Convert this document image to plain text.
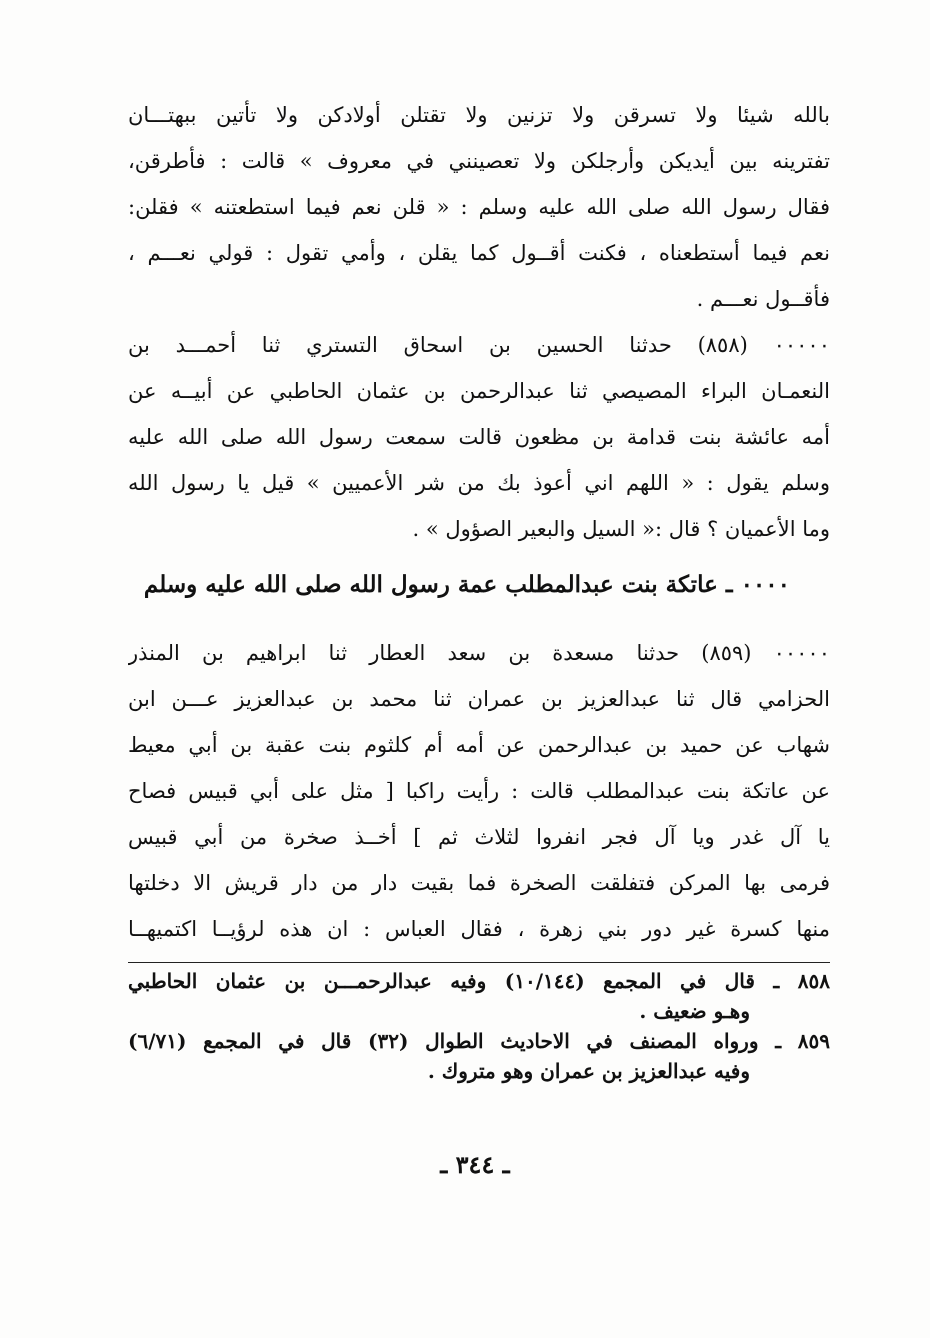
بالله شيئا ولا تسرقن ولا تزنين ولا تقتلن أولادكن ولا تأتين ببهتـــان
تفترينه بين أيديكن وأرجلكن ولا تعصينني في معروف » قالت : فأطرقن،
فقال رسول الله صلى الله عليه وسلم : « قلن نعم فيما استطعتنه » فقلن:
نعم فيما أستطعناه ، فكنت أقــول كما يقلن ، وأمي تقول : قولي نعـــم ،
فأقــول نعـــم .
٠٠٠٠٠ (٨٥٨) حدثنا الحسين بن اسحاق التستري ثنا أحمـــد بن
النعمـان البراء المصيصي ثنا عبدالرحمن بن عثمان الحاطبي عن أبيــه عن
أمه عائشة بنت قدامة بن مظعون قالت سمعت رسول الله صلى الله عليه
وسلم يقول : « اللهم اني أعوذ بك من شر الأعميين » قيل يا رسول الله
وما الأعميان ؟ قال :« السيل والبعير الصؤول » .
٠٠٠٠ ـ عاتكة بنت عبدالمطلب عمة رسول الله صلى الله عليه وسلم
٠٠٠٠٠ (٨٥٩) حدثنا مسعدة بن سعد العطار ثنا ابراهيم بن المنذر
الحزامي قال ثنا عبدالعزيز بن عمران ثنا محمد بن عبدالعزيز عـــن ابن
شهاب عن حميد بن عبدالرحمن عن أمه أم كلثوم بنت عقبة بن أبي معيط
عن عاتكة بنت عبدالمطلب قالت : رأيت راكبا [ مثل على أبي قبيس فصاح
يا آل غدر ويا آل فجر انفروا لثلاث ثم ] أخــذ صخرة من أبي قبيس
فرمى بها المركن فتفلقت الصخرة فما بقيت دار من دار قريش الا دخلتها
منها كسرة غير دور بني زهرة ، فقال العباس : ان هذه لرؤيــا اكتميهــا
٨٥٨ ـ قال في المجمع (١٠/١٤٤) وفيه عبدالرحمـــن بن عثمان الحاطبي
وهـو ضعيف .
٨٥٩ ـ ورواه المصنف في الاحاديث الطوال (٣٢) قال في المجمع (٦/٧١)
وفيه عبدالعزيز بن عمران وهو متروك .
ـ ٣٤٤ ـ
